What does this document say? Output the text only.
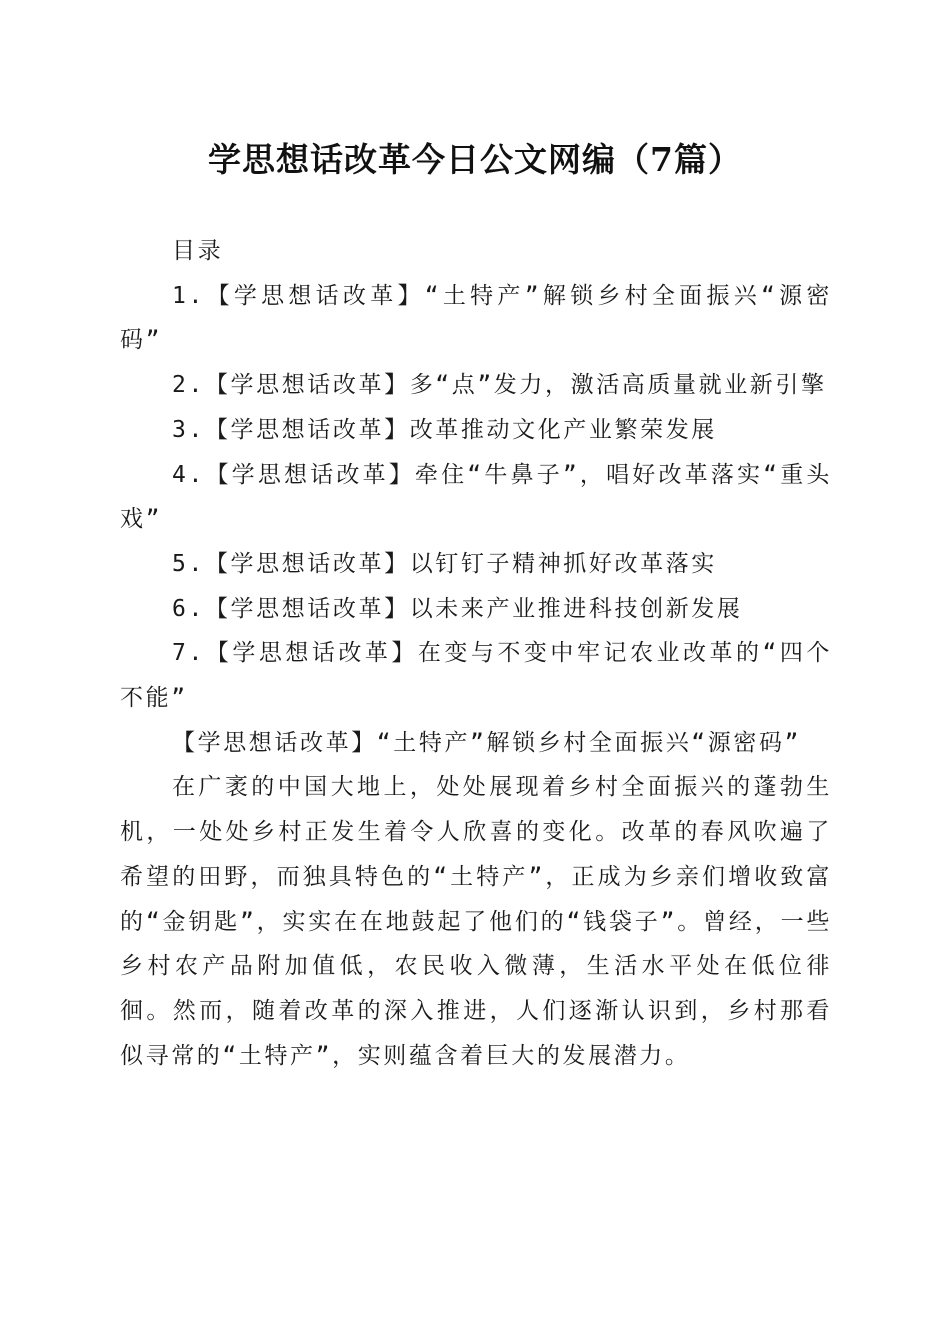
学思想话改革今日公文网编（7篇）

目录

1.【学思想话改革】“土特产”解锁乡村全面振兴“源密码”

2.【学思想话改革】多“点”发力，激活高质量就业新引擎

3.【学思想话改革】改革推动文化产业繁荣发展

4.【学思想话改革】牵住“牛鼻子”，唱好改革落实“重头戏”

5.【学思想话改革】以钉钉子精神抓好改革落实

6.【学思想话改革】以未来产业推进科技创新发展

7.【学思想话改革】在变与不变中牢记农业改革的“四个不能”

【学思想话改革】“土特产”解锁乡村全面振兴“源密码”

在广袤的中国大地上，处处展现着乡村全面振兴的蓬勃生机，一处处乡村正发生着令人欣喜的变化。改革的春风吹遍了希望的田野，而独具特色的“土特产”，正成为乡亲们增收致富的“金钥匙”，实实在在地鼓起了他们的“钱袋子”。曾经，一些乡村农产品附加值低，农民收入微薄，生活水平处在低位徘徊。然而，随着改革的深入推进，人们逐渐认识到，乡村那看似寻常的“土特产”，实则蕴含着巨大的发展潜力。
